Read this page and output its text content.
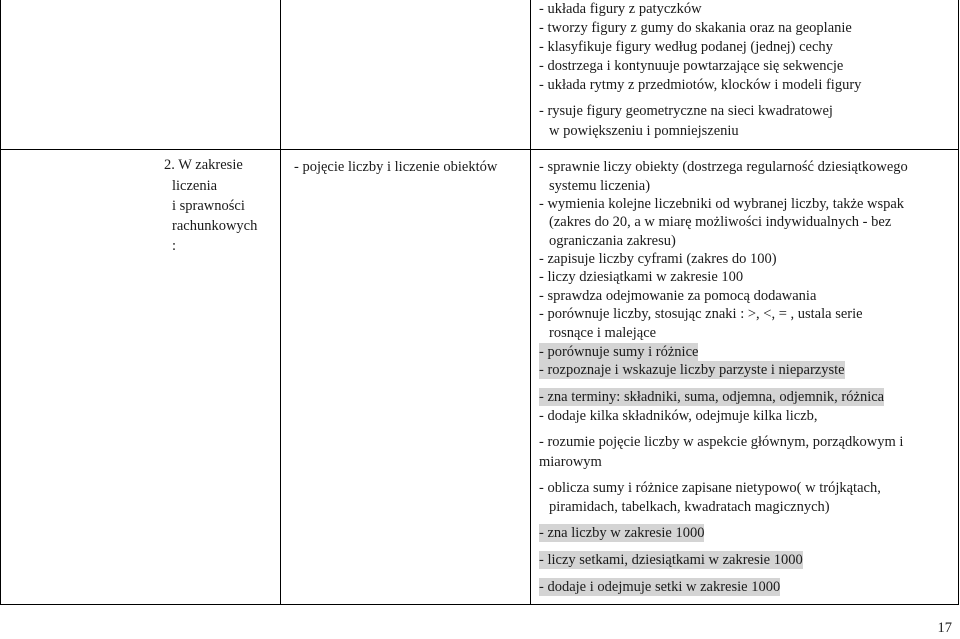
- układa figury z patyczków
- tworzy figury z gumy do skakania oraz na geoplanie
- klasyfikuje figury według podanej (jednej) cechy
- dostrzega i kontynuuje powtarzające się sekwencje
- układa rytmy z przedmiotów, klocków i modeli figury
- rysuje figury geometryczne na sieci kwadratowej
w powiększeniu i pomniejszeniu
2. W zakresie
liczenia
i sprawności
rachunkowych
:
- pojęcie liczby i liczenie obiektów	- sprawnie liczy obiekty (dostrzega regularność dziesiątkowego
systemu liczenia)
- wymienia kolejne liczebniki od wybranej liczby, także wspak
(zakres do 20, a w miarę możliwości indywidualnych - bez
ograniczania zakresu)
- zapisuje liczby cyframi (zakres do 100)
- liczy dziesiątkami w zakresie 100
- sprawdza odejmowanie za pomocą dodawania
- porównuje liczby, stosując znaki : >, <, = , ustala serie
rosnące i malejące
- porównuje sumy i różnice
- rozpoznaje i wskazuje liczby parzyste i nieparzyste
- zna terminy: składniki, suma, odjemna, odjemnik, różnica
- dodaje kilka składników, odejmuje kilka liczb,
- rozumie pojęcie liczby w aspekcie głównym, porządkowym i
miarowym
- oblicza sumy i różnice zapisane nietypowo( w trójkątach,
piramidach, tabelkach, kwadratach magicznych)
- zna liczby w zakresie 1000
- liczy setkami, dziesiątkami w zakresie 1000
- dodaje i odejmuje setki w zakresie 1000
17
